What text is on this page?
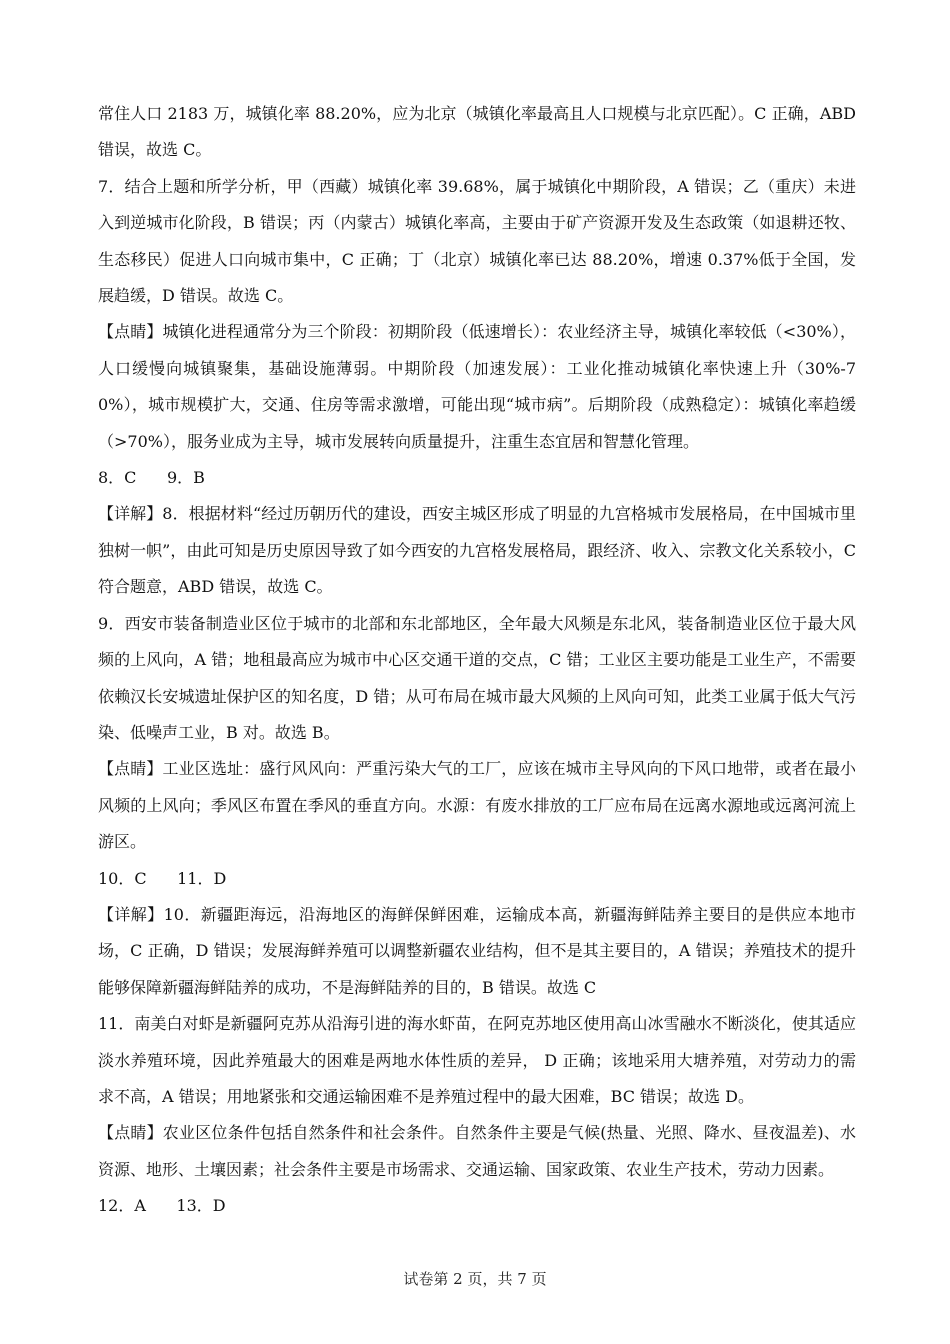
常住人口 2183 万，城镇化率 88.20%，应为北京（城镇化率最高且人口规模与北京匹配）。C 正确，ABD 错误，故选 C。

7．结合上题和所学分析，甲（西藏）城镇化率 39.68%，属于城镇化中期阶段，A 错误；乙（重庆）未进入到逆城市化阶段，B 错误；丙（内蒙古）城镇化率高，主要由于矿产资源开发及生态政策（如退耕还牧、生态移民）促进人口向城市集中，C 正确；丁（北京）城镇化率已达 88.20%，增速 0.37%低于全国，发展趋缓，D 错误。故选 C。

【点睛】城镇化进程通常分为三个阶段：初期阶段（低速增长）：农业经济主导，城镇化率较低（<30%），人口缓慢向城镇聚集，基础设施薄弱。中期阶段（加速发展）：工业化推动城镇化率快速上升（30%-70%），城市规模扩大，交通、住房等需求激增，可能出现“城市病”。后期阶段（成熟稳定）：城镇化率趋缓（>70%），服务业成为主导，城市发展转向质量提升，注重生态宜居和智慧化管理。

8．C      9．B

【详解】8．根据材料“经过历朝历代的建设，西安主城区形成了明显的九宫格城市发展格局，在中国城市里独树一帜”，由此可知是历史原因导致了如今西安的九宫格发展格局，跟经济、收入、宗教文化关系较小，C 符合题意，ABD 错误，故选 C。

9．西安市装备制造业区位于城市的北部和东北部地区，全年最大风频是东北风，装备制造业区位于最大风频的上风向，A 错；地租最高应为城市中心区交通干道的交点，C 错；工业区主要功能是工业生产，不需要依赖汉长安城遗址保护区的知名度，D 错；从可布局在城市最大风频的上风向可知，此类工业属于低大气污染、低噪声工业，B 对。故选 B。

【点睛】工业区选址：盛行风风向：严重污染大气的工厂，应该在城市主导风向的下风口地带，或者在最小风频的上风向；季风区布置在季风的垂直方向。水源：有废水排放的工厂应布局在远离水源地或远离河流上游区。

10．C      11．D

【详解】10．新疆距海远，沿海地区的海鲜保鲜困难，运输成本高，新疆海鲜陆养主要目的是供应本地市场，C 正确，D 错误；发展海鲜养殖可以调整新疆农业结构，但不是其主要目的，A 错误；养殖技术的提升能够保障新疆海鲜陆养的成功，不是海鲜陆养的目的，B 错误。故选 C

11．南美白对虾是新疆阿克苏从沿海引进的海水虾苗，在阿克苏地区使用高山冰雪融水不断淡化，使其适应淡水养殖环境，因此养殖最大的困难是两地水体性质的差异， D 正确；该地采用大塘养殖，对劳动力的需求不高，A 错误；用地紧张和交通运输困难不是养殖过程中的最大困难，BC 错误；故选 D。

【点睛】农业区位条件包括自然条件和社会条件。自然条件主要是气候(热量、光照、降水、昼夜温差)、水资源、地形、土壤因素；社会条件主要是市场需求、交通运输、国家政策、农业生产技术，劳动力因素。

12．A      13．D

试卷第 2 页，共 7 页
